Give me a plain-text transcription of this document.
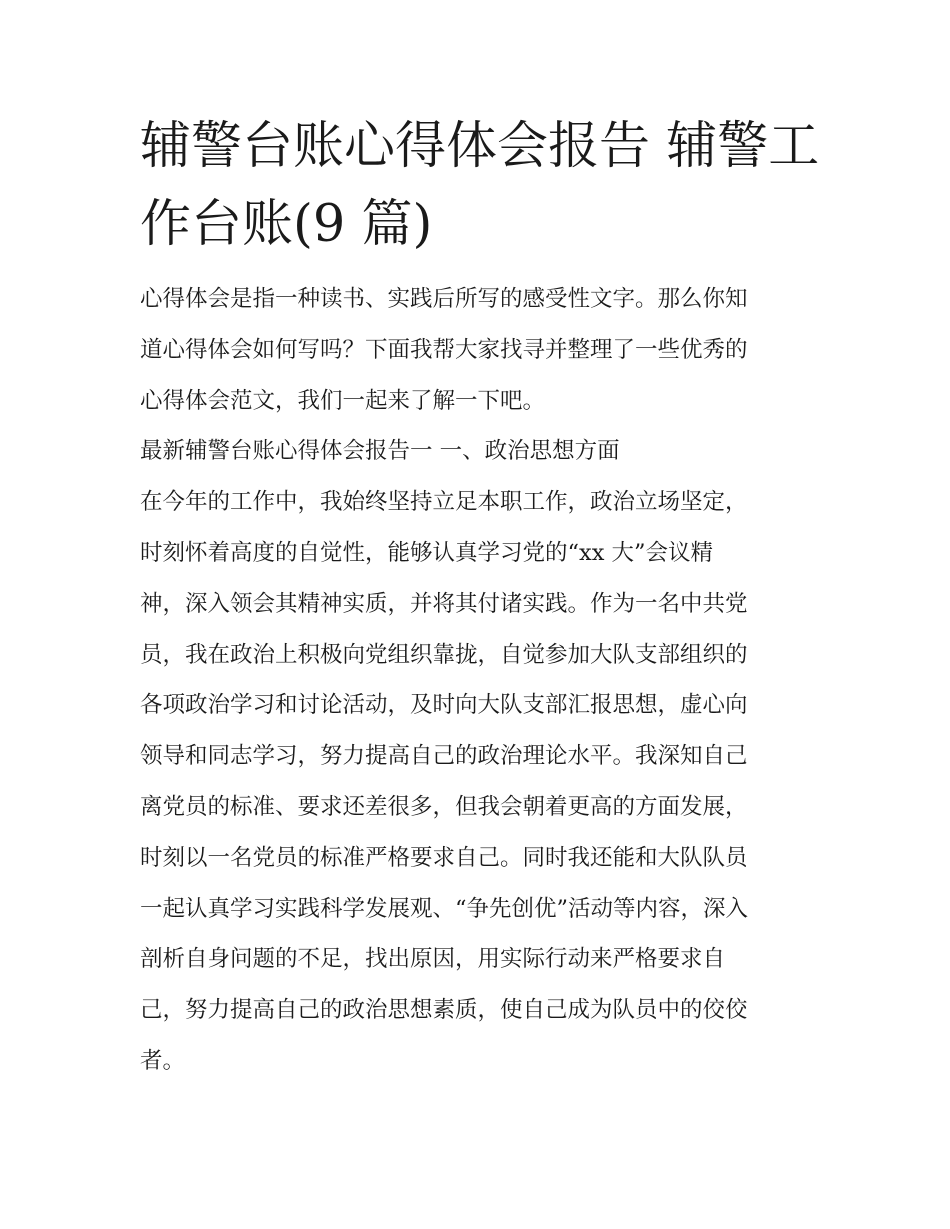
辅警台账心得体会报告 辅警工
作台账(9 篇)
心得体会是指一种读书、实践后所写的感受性文字。那么你知
道心得体会如何写吗？下面我帮大家找寻并整理了一些优秀的
心得体会范文，我们一起来了解一下吧。
最新辅警台账心得体会报告一 一、政治思想方面
在今年的工作中，我始终坚持立足本职工作，政治立场坚定，
时刻怀着高度的自觉性，能够认真学习党的“xx 大”会议精
神，深入领会其精神实质，并将其付诸实践。作为一名中共党
员，我在政治上积极向党组织靠拢，自觉参加大队支部组织的
各项政治学习和讨论活动，及时向大队支部汇报思想，虚心向
领导和同志学习，努力提高自己的政治理论水平。我深知自己
离党员的标准、要求还差很多，但我会朝着更高的方面发展，
时刻以一名党员的标准严格要求自己。同时我还能和大队队员
一起认真学习实践科学发展观、“争先创优”活动等内容，深入
剖析自身问题的不足，找出原因，用实际行动来严格要求自
己，努力提高自己的政治思想素质，使自己成为队员中的佼佼
者。
